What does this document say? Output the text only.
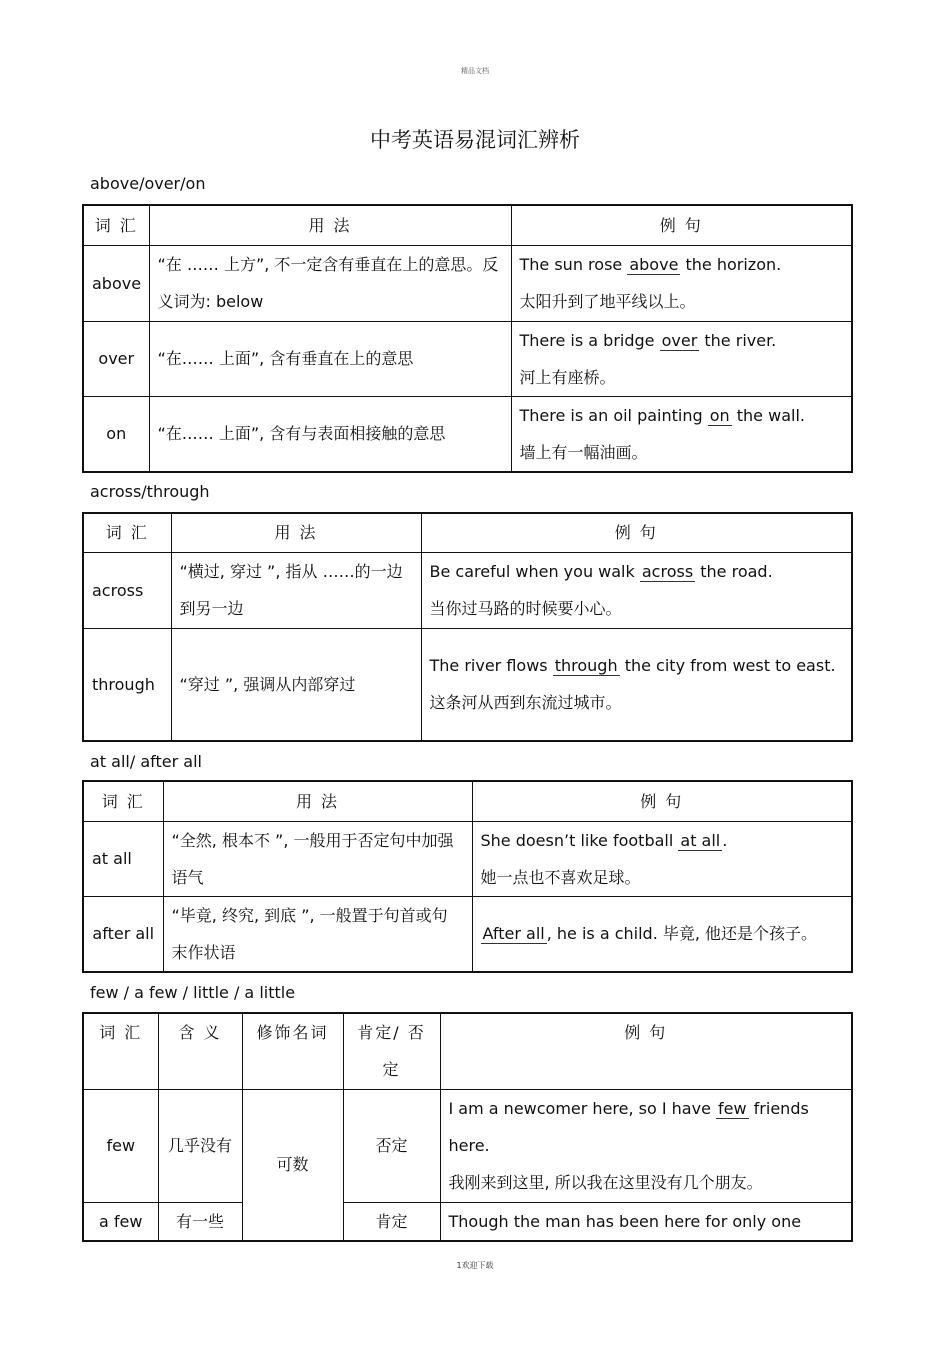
精品文档
中考英语易混词汇辨析
above/over/on
词 汇	用 法	例 句
above	“在 …… 上方”, 不一定含有垂直在上的意思。反义词为: below	The sun rose above the horizon.
太阳升到了地平线以上。
over	“在…… 上面”, 含有垂直在上的意思	There is a bridge over the river.
河上有座桥。
on	“在…… 上面”, 含有与表面相接触的意思	There is an oil painting on the wall.
墙上有一幅油画。
across/through
词 汇	用 法	例 句
across	“横过, 穿过 ”, 指从 ……的一边到另一边	Be careful when you walk across the road.
当你过马路的时候要小心。
through	“穿过 ”, 强调从内部穿过	The river flows through the city from west to east.
这条河从西到东流过城市。
at all/ after all
词 汇	用 法	例 句
at all	“全然, 根本不 ”, 一般用于否定句中加强语气	She doesn’t like football at all .
她一点也不喜欢足球。
after all	“毕竟, 终究, 到底 ”, 一般置于句首或句末作状语	After all , he is a child. 毕竟, 他还是个孩子。
few / a few / little / a little
词 汇	含 义	修饰名词	肯定/ 否定	例 句
few	几乎没有	可数	否定	I am a newcomer here, so I have few friends here.
我刚来到这里, 所以我在这里没有几个朋友。
a few	有一些		肯定	Though the man has been here for only one
1欢迎下载
